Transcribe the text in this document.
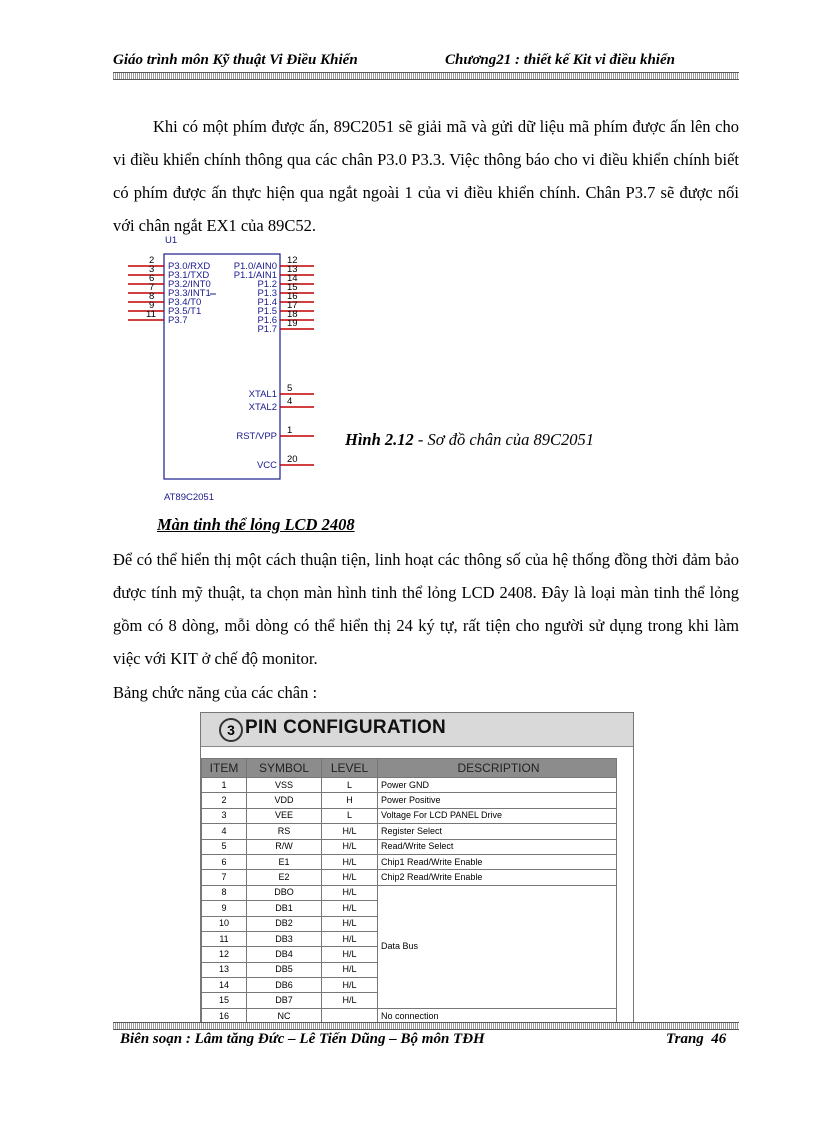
Giáo trình môn Kỹ thuật Vi Điều Khiển	Chương21 : thiết kế Kit vi điều khiển
Khi có một phím được ấn, 89C2051 sẽ giải mã và gửi dữ liệu mã phím được ấn lên cho vi điều khiển chính thông qua các chân P3.0 P3.3. Việc thông báo cho vi điều khiển chính biết có phím được ấn thực hiện qua ngắt ngoài 1 của vi điều khiển chính. Chân P3.7 sẽ được nối với chân ngắt EX1 của 89C52.
U1
2
P3.0/RXD
3
P3.1/TXD
6
P3.2/INT0
7
P3.3/INT1
8
P3.4/T0
9
P3.5/T1
11
P3.7
12
P1.0/AIN0 13
P1.1/AIN1 14
P1.2 15
P1.3 16
P1.4 17
P1.5 18
P1.6 19
P1.7
5
XTAL1
4
XTAL2
1
RST/VPP
20
VCC
AT89C2051
Hình 2.12 - Sơ đồ chân của 89C2051
Màn tinh thể lỏng LCD 2408
Để có thể hiển thị một cách thuận tiện, linh hoạt các thông số của hệ thống đồng thời đảm bảo được tính mỹ thuật, ta chọn màn hình tinh thể lỏng LCD 2408. Đây là loại màn tinh thể lỏng gồm có 8 dòng, mỗi dòng có thể hiển thị 24 ký tự, rất tiện cho người sử dụng trong khi làm việc với KIT ở chế độ monitor.
Bảng chức năng của các chân :
3 PIN CONFIGURATION
ITEM	SYMBOL	LEVEL	DESCRIPTION
1	VSS	L	Power GND
2	VDD	H	Power Positive
3	VEE	L	Voltage For LCD PANEL Drive
4	RS	H/L	Register Select
5	R/W	H/L	Read/Write Select
6	E1	H/L	Chip1 Read/Write Enable
7	E2	H/L	Chip2 Read/Write Enable
8	DBO	H/L	Data Bus
9	DB1	H/L	
10	DB2	H/L	
11	DB3	H/L	
12	DB4	H/L	
13	DB5	H/L	
14	DB6	H/L	
15	DB7	H/L	
16	NC		No connection
Biên soạn : Lâm tăng Đức – Lê Tiến Dũng – Bộ môn TĐH	Trang 46
